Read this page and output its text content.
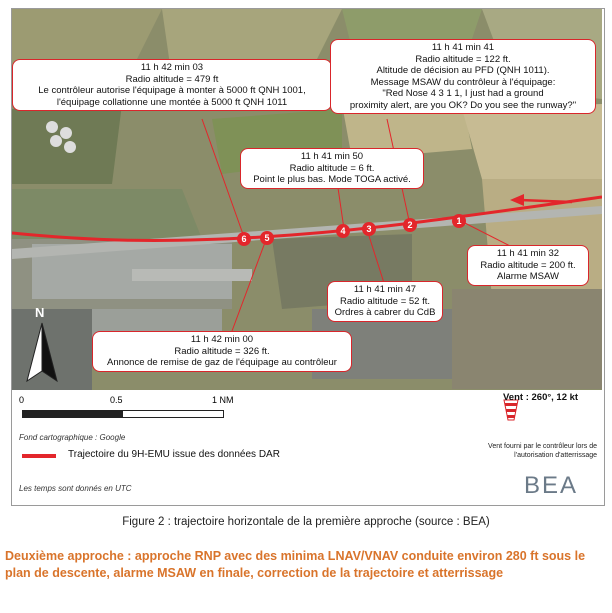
1
2
3
4
5
6
N
11 h 42 min 03
Radio altitude = 479 ft
Le contrôleur autorise l'équipage à monter à 5000 ft QNH 1001,
l'équipage collationne une montée à 5000 ft QNH 1011
11 h 41 min 41
Radio altitude = 122 ft.
Altitude de décision au PFD (QNH 1011).
Message MSAW du contrôleur à l'équipage:
"Red Nose 4 3 1 1, I just had a ground
proximity alert, are you OK? Do you see the runway?"
11 h 41 min 50
Radio altitude = 6 ft.
Point le plus bas. Mode TOGA activé.
11 h 41 min 32
Radio altitude = 200 ft.
Alarme MSAW
11 h 41 min 47
Radio altitude = 52 ft.
Ordres à cabrer du CdB
11 h 42 min 00
Radio altitude = 326 ft.
Annonce de remise de gaz de l'équipage au contrôleur
0	0.5	1 NM
Fond cartographique : Google
Trajectoire du 9H-EMU issue des données DAR
Les temps sont donnés en UTC
Vent : 260°, 12 kt
Vent fourni par le contrôleur lors de
l'autorisation d'atterrissage
BEA
Figure 2 : trajectoire horizontale de la première approche (source : BEA)
Deuxième approche : approche RNP avec des minima LNAV/VNAV conduite environ 280 ft sous le plan de descente, alarme MSAW en finale, correction de la trajectoire et atterrissage
